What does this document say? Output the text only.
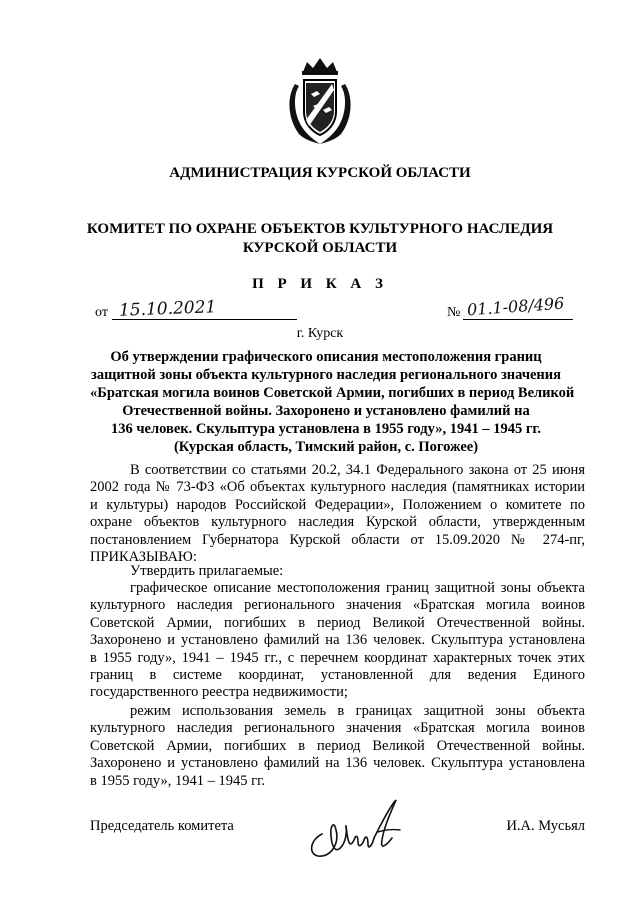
АДМИНИСТРАЦИЯ КУРСКОЙ ОБЛАСТИ
КОМИТЕТ ПО ОХРАНЕ ОБЪЕКТОВ КУЛЬТУРНОГО НАСЛЕДИЯ
КУРСКОЙ ОБЛАСТИ
П Р И К А З
от 15.10.2021	№ 01.1-08/496
г. Курск
Об утверждении графического описания местоположения границ
защитной зоны объекта культурного наследия регионального значения
«Братская могила воинов Советской Армии, погибших в период Великой
Отечественной войны. Захоронено и установлено фамилий на
136 человек. Скульптура установлена в 1955 году», 1941 – 1945 гг.
(Курская область, Тимский район, с. Погожее)
В соответствии со статьями 20.2, 34.1 Федерального закона от 25 июня
2002 года № 73-ФЗ «Об объектах культурного наследия (памятниках истории
и культуры) народов Российской Федерации», Положением о комитете по
охране объектов культурного наследия Курской области, утвержденным
постановлением Губернатора Курской области от 15.09.2020 № 274-пг,
ПРИКАЗЫВАЮ:
Утвердить прилагаемые:
графическое описание местоположения границ защитной зоны объекта
культурного наследия регионального значения «Братская могила воинов
Советской Армии, погибших в период Великой Отечественной войны.
Захоронено и установлено фамилий на 136 человек. Скульптура установлена
в 1955 году», 1941 – 1945 гг., с перечнем координат характерных точек этих
границ в системе координат, установленной для ведения Единого
государственного реестра недвижимости;
режим использования земель в границах защитной зоны объекта
культурного наследия регионального значения «Братская могила воинов
Советской Армии, погибших в период Великой Отечественной войны.
Захоронено и установлено фамилий на 136 человек. Скульптура установлена
в 1955 году», 1941 – 1945 гг.
Председатель комитета	И.А. Мусьял
